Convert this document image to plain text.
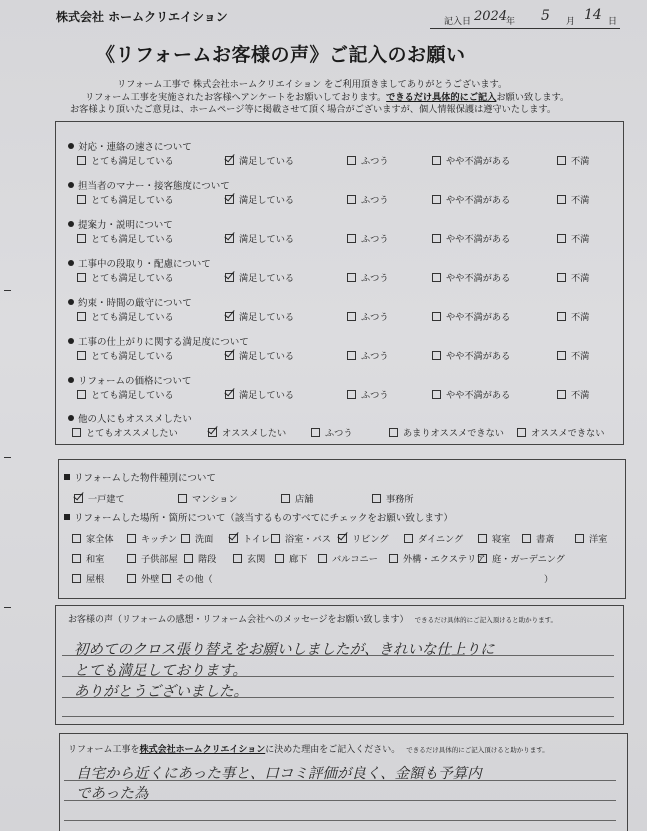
株式会社 ホームクリエイション	記入日 2024
年 5 月 14 日
《リフォームお客様の声》ご記入のお願い
リフォーム工事で 株式会社ホームクリエイション をご利用頂きましてありがとうございます。
リフォーム工事を実施されたお客様へアンケートをお願いしております。できるだけ具体的にご記入お願い致します。
お客様より頂いたご意見は、ホームページ等に掲載させて頂く場合がございますが、個人情報保護は遵守いたします。
対応・連絡の速さについて
とても満足している	満足している	ふつう	やや不満がある	不満
担当者のマナー・接客態度について
とても満足している	満足している	ふつう	やや不満がある	不満
提案力・説明について
とても満足している	満足している	ふつう	やや不満がある	不満
工事中の段取り・配慮について
とても満足している	満足している	ふつう	やや不満がある	不満
約束・時間の厳守について
とても満足している	満足している	ふつう	やや不満がある	不満
工事の仕上がりに関する満足度について
とても満足している	満足している	ふつう	やや不満がある	不満
リフォームの価格について
とても満足している	満足している	ふつう	やや不満がある	不満
他の人にもオススメしたい
とてもオススメしたい	オススメしたい	ふつう	あまりオススメできない	オススメできない
リフォームした物件種別について
一戸建て	マンション	店舗	事務所
リフォームした場所・箇所について（該当するものすべてにチェックをお願い致します）
家全体	キッチン	洗面	トイレ	浴室・バス	リビング	ダイニング	寝室	書斎	洋室
和室	子供部屋	階段	玄関	廊下	バルコニー	外構・エクステリア 庭・ガーデニング
屋根	外壁	その他（	）
お客様の声（リフォームの感想・リフォーム会社へのメッセージをお願い致します） できるだけ具体的にご記入頂けると助かります。
初めてのクロス張り替えをお願いしましたが、きれいな仕上りに
とても満足しております。
ありがとうございました。
リフォーム工事を株式会社ホームクリエイションに決めた理由をご記入ください。 できるだけ具体的にご記入頂けると助かります。
自宅から近くにあった事と、口コミ評価が良く、金額も予算内
であった為
